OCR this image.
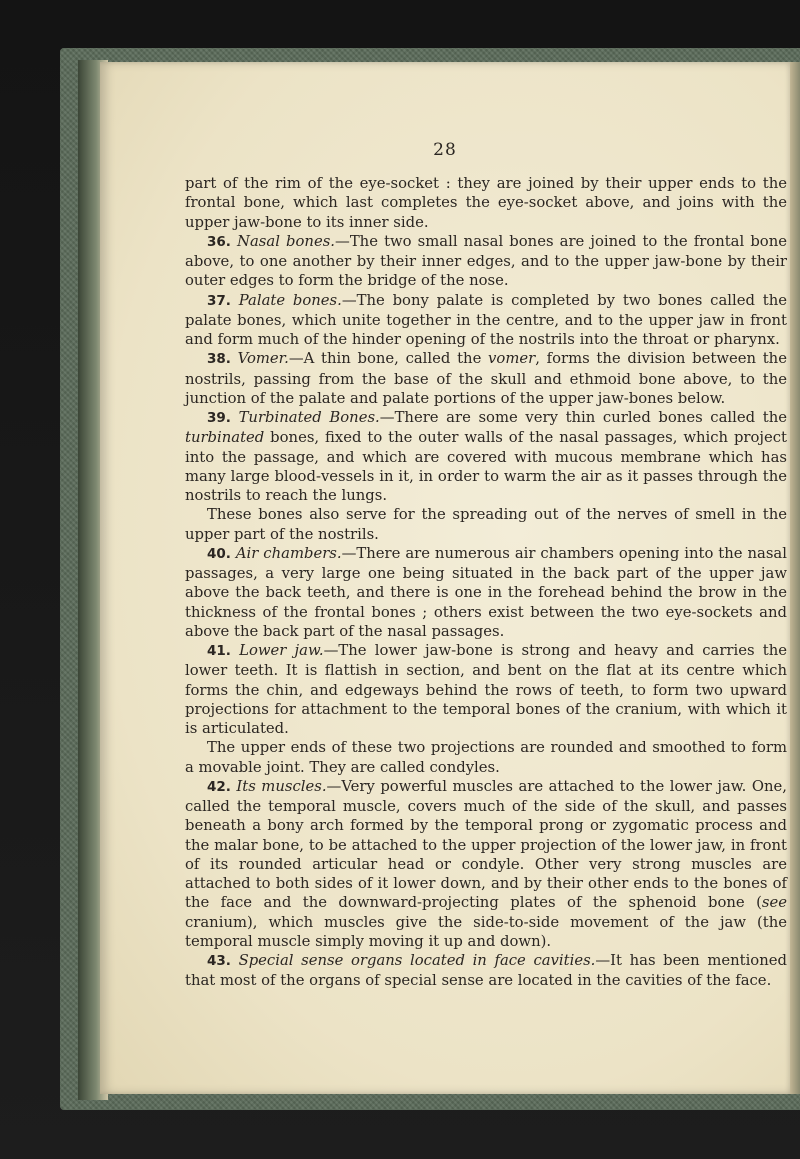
28

part of the rim of the eye-socket : they are joined by their upper ends to the frontal bone, which last completes the eye-socket above, and joins with the upper jaw-bone to its inner side.

36. Nasal bones.—The two small nasal bones are joined to the frontal bone above, to one another by their inner edges, and to the upper jaw-bone by their outer edges to form the bridge of the nose.

37. Palate bones.—The bony palate is completed by two bones called the palate bones, which unite together in the centre, and to the upper jaw in front and form much of the hinder opening of the nostrils into the throat or pharynx.

38. Vomer.—A thin bone, called the vomer, forms the division between the nostrils, passing from the base of the skull and ethmoid bone above, to the junction of the palate and palate portions of the upper jaw-bones below.

39. Turbinated Bones.—There are some very thin curled bones called the turbinated bones, fixed to the outer walls of the nasal passages, which project into the passage, and which are covered with mucous membrane which has many large blood-vessels in it, in order to warm the air as it passes through the nostrils to reach the lungs.

These bones also serve for the spreading out of the nerves of smell in the upper part of the nostrils.

40. Air chambers.—There are numerous air chambers opening into the nasal passages, a very large one being situated in the back part of the upper jaw above the back teeth, and there is one in the forehead behind the brow in the thickness of the frontal bones ; others exist between the two eye-sockets and above the back part of the nasal passages.

41. Lower jaw.—The lower jaw-bone is strong and heavy and carries the lower teeth. It is flattish in section, and bent on the flat at its centre which forms the chin, and edgeways behind the rows of teeth, to form two upward projections for attachment to the temporal bones of the cranium, with which it is articulated.

The upper ends of these two projections are rounded and smoothed to form a movable joint. They are called condyles.

42. Its muscles.—Very powerful muscles are attached to the lower jaw. One, called the temporal muscle, covers much of the side of the skull, and passes beneath a bony arch formed by the temporal prong or zygomatic process and the malar bone, to be attached to the upper projection of the lower jaw, in front of its rounded articular head or condyle. Other very strong muscles are attached to both sides of it lower down, and by their other ends to the bones of the face and the downward-projecting plates of the sphenoid bone (see cranium), which muscles give the side-to-side movement of the jaw (the temporal muscle simply moving it up and down).

43. Special sense organs located in face cavities.—It has been mentioned that most of the organs of special sense are located in the cavities of the face.
